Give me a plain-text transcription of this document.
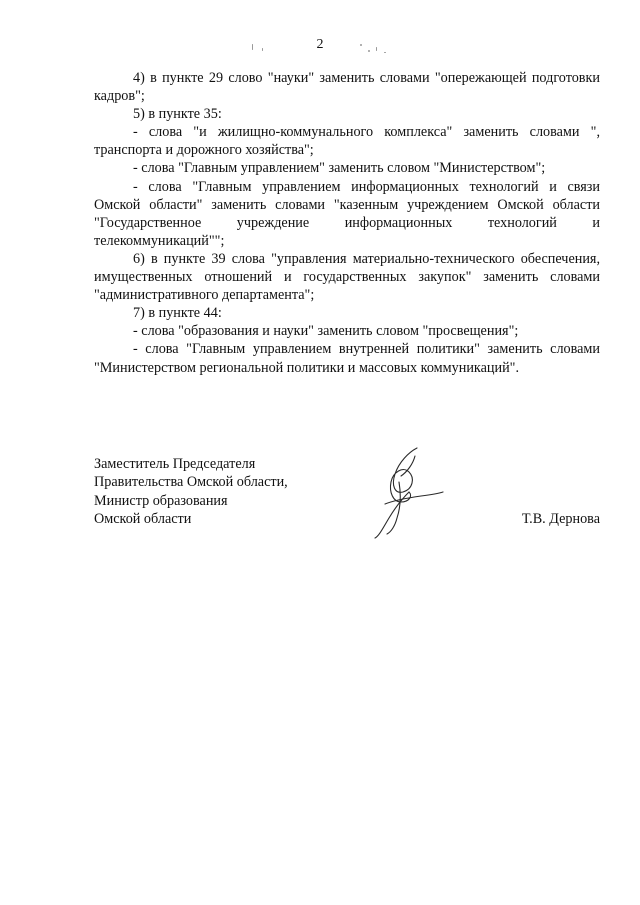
2

4) в пункте 29 слово "науки" заменить словами "опережающей подготовки кадров";

5) в пункте 35:

- слова "и жилищно-коммунального комплекса" заменить словами ", транспорта и дорожного хозяйства";

- слова "Главным управлением" заменить словом "Министерством";

- слова "Главным управлением информационных технологий и связи Омской области" заменить словами "казенным учреждением Омской области "Государственное учреждение информационных технологий и телекоммуникаций"";

6) в пункте 39 слова "управления материально-технического обеспечения, имущественных отношений и государственных закупок" заменить словами "административного департамента";

7) в пункте 44:

- слова "образования и науки" заменить словом "просвещения";

- слова "Главным управлением внутренней политики" заменить словами "Министерством региональной политики и массовых коммуникаций".

Заместитель Председателя
Правительства Омской области,
Министр образования
Омской области	Т.В. Дернова
